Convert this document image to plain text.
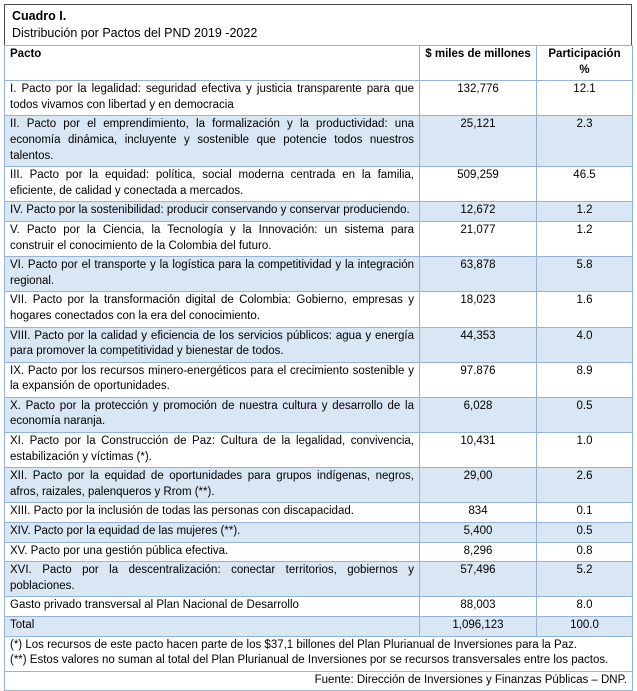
Cuadro I.
Distribución por Pactos del PND 2019 -2022
Pacto	$ miles de millones	Participación
%
I. Pacto por la legalidad: seguridad efectiva y justicia transparente para que todos vivamos con libertad y en democracia	132,776	12.1
II. Pacto por el emprendimiento, la formalización y la productividad: una economía dinámica, incluyente y sostenible que potencie todos nuestros talentos.	25,121	2.3
III. Pacto por la equidad: política, social moderna centrada en la familia, eficiente, de calidad y conectada a mercados.	509,259	46.5
IV. Pacto por la sostenibilidad: producir conservando y conservar produciendo.	12,672	1.2
V. Pacto por la Ciencia, la Tecnología y la Innovación: un sistema para construir el conocimiento de la Colombia del futuro.	21,077	1.2
VI. Pacto por el transporte y la logística para la competitividad y la integración regional.	63,878	5.8
VII. Pacto por la transformación digital de Colombia: Gobierno, empresas y hogares conectados con la era del conocimiento.	18,023	1.6
VIII. Pacto por la calidad y eficiencia de los servicios públicos: agua y energía para promover la competitividad y bienestar de todos.	44,353	4.0
IX. Pacto por los recursos minero-energéticos para el crecimiento sostenible y la expansión de oportunidades.	97.876	8.9
X. Pacto por la protección y promoción de nuestra cultura y desarrollo de la economía naranja.	6,028	0.5
XI. Pacto por la Construcción de Paz: Cultura de la legalidad, convivencia, estabilización y víctimas (*).	10,431	1.0
XII. Pacto por la equidad de oportunidades para grupos indígenas, negros, afros, raizales, palenqueros y Rrom (**).	29,00	2.6
XIII. Pacto por la inclusión de todas las personas con discapacidad.	834	0.1
XIV. Pacto por la equidad de las mujeres (**).	5,400	0.5
XV. Pacto por una gestión pública efectiva.	8,296	0.8
XVI. Pacto por la descentralización: conectar territorios, gobiernos y poblaciones.	57,496	5.2
Gasto privado transversal al Plan Nacional de Desarrollo	88,003	8.0
Total	1,096,123	100.0

(*) Los recursos de este pacto hacen parte de los $37,1 billones del Plan Plurianual de Inversiones para la Paz.
(**) Estos valores no suman al total del Plan Plurianual de Inversiones por se recursos transversales entre los pactos.		

Fuente: Dirección de Inversiones y Finanzas Públicas – DNP.		
